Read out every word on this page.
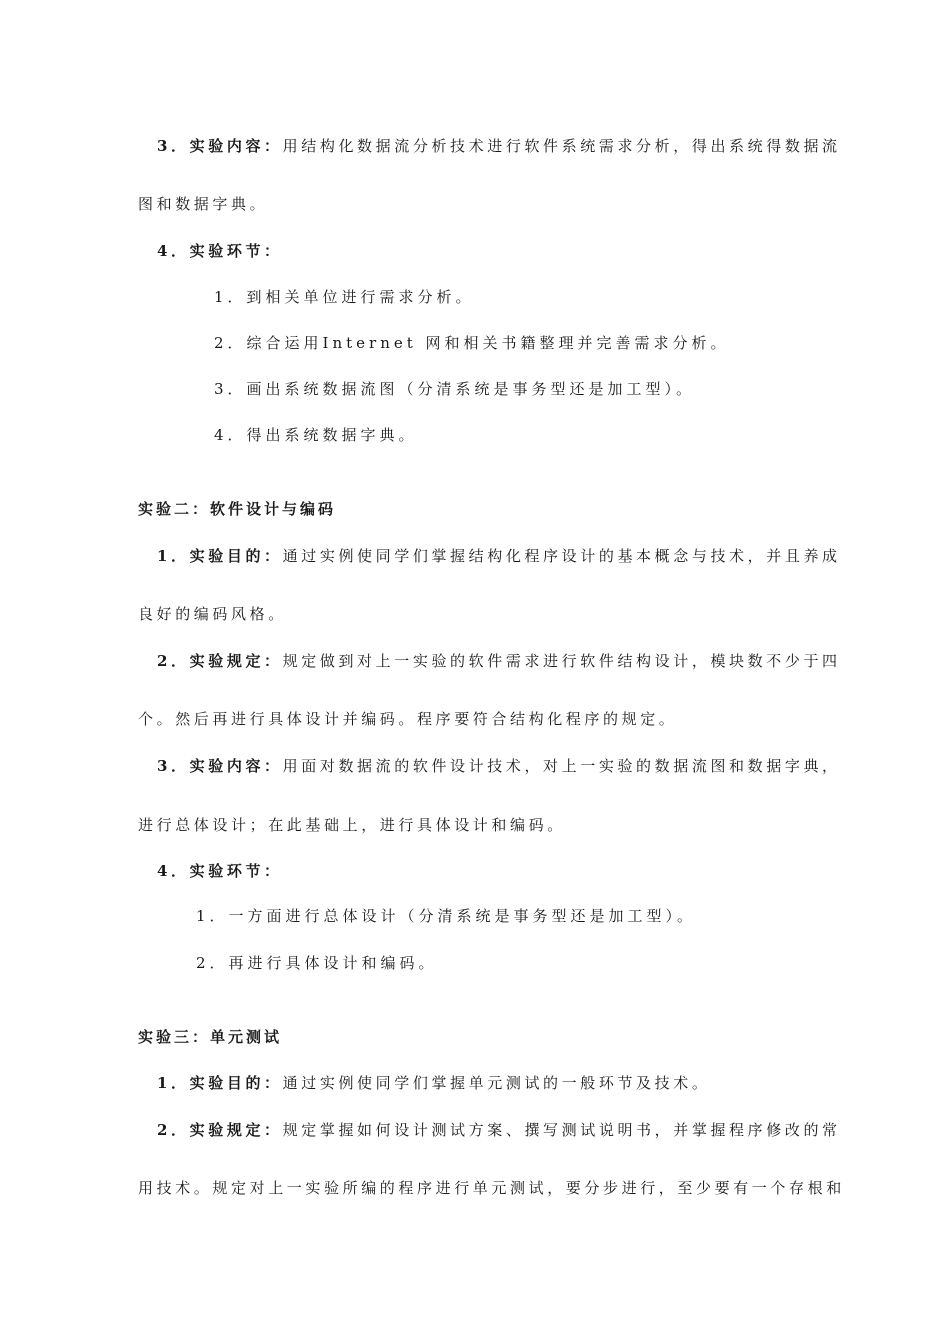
3．实验内容：用结构化数据流分析技术进行软件系统需求分析，得出系统得数据流
图和数据字典。
4．实验环节：
1．到相关单位进行需求分析。
2．综合运用Internet 网和相关书籍整理并完善需求分析。
3．画出系统数据流图（分清系统是事务型还是加工型）。
4．得出系统数据字典。
实验二：软件设计与编码
1．实验目的：通过实例使同学们掌握结构化程序设计的基本概念与技术，并且养成
良好的编码风格。
2．实验规定：规定做到对上一实验的软件需求进行软件结构设计，模块数不少于四
个。然后再进行具体设计并编码。程序要符合结构化程序的规定。
3．实验内容：用面对数据流的软件设计技术，对上一实验的数据流图和数据字典，
进行总体设计；在此基础上，进行具体设计和编码。
4．实验环节：
1．一方面进行总体设计（分清系统是事务型还是加工型）。
2．再进行具体设计和编码。
实验三：单元测试
1．实验目的：通过实例使同学们掌握单元测试的一般环节及技术。
2．实验规定：规定掌握如何设计测试方案、撰写测试说明书，并掌握程序修改的常
用技术。规定对上一实验所编的程序进行单元测试，要分步进行，至少要有一个存根和
